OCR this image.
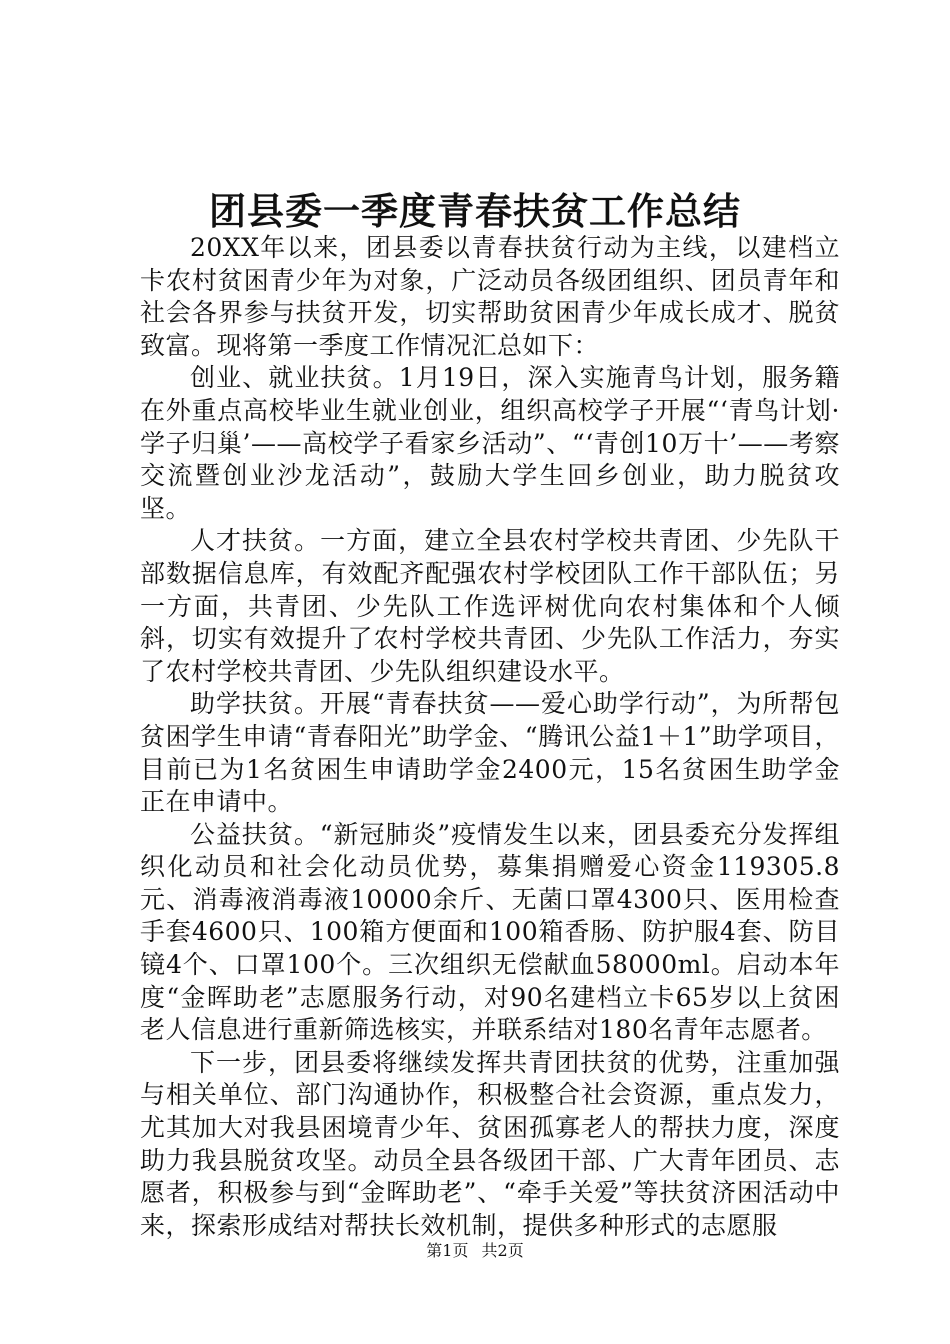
团县委一季度青春扶贫工作总结

20XX年以来，团县委以青春扶贫行动为主线，以建档立卡农村贫困青少年为对象，广泛动员各级团组织、团员青年和社会各界参与扶贫开发，切实帮助贫困青少年成长成才、脱贫致富。现将第一季度工作情况汇总如下：

创业、就业扶贫。1月19日，深入实施青鸟计划，服务籍在外重点高校毕业生就业创业，组织高校学子开展“‘青鸟计划·学子归巢’——高校学子看家乡活动”、“‘青创10万十’——考察交流暨创业沙龙活动”，鼓励大学生回乡创业，助力脱贫攻坚。

人才扶贫。一方面，建立全县农村学校共青团、少先队干部数据信息库，有效配齐配强农村学校团队工作干部队伍；另一方面，共青团、少先队工作选评树优向农村集体和个人倾斜，切实有效提升了农村学校共青团、少先队工作活力，夯实了农村学校共青团、少先队组织建设水平。

助学扶贫。开展“青春扶贫——爱心助学行动”，为所帮包贫困学生申请“青春阳光”助学金、“腾讯公益1＋1”助学项目，目前已为1名贫困生申请助学金2400元，15名贫困生助学金正在申请中。

公益扶贫。“新冠肺炎”疫情发生以来，团县委充分发挥组织化动员和社会化动员优势，募集捐赠爱心资金119305.8元、消毒液消毒液10000余斤、无菌口罩4300只、医用检查手套4600只、100箱方便面和100箱香肠、防护服4套、防目镜4个、口罩100个。三次组织无偿献血58000ml。启动本年度“金晖助老”志愿服务行动，对90名建档立卡65岁以上贫困老人信息进行重新筛选核实，并联系结对180名青年志愿者。

下一步，团县委将继续发挥共青团扶贫的优势，注重加强与相关单位、部门沟通协作，积极整合社会资源，重点发力，尤其加大对我县困境青少年、贫困孤寡老人的帮扶力度，深度助力我县脱贫攻坚。动员全县各级团干部、广大青年团员、志愿者，积极参与到“金晖助老”、“牵手关爱”等扶贫济困活动中来，探索形成结对帮扶长效机制，提供多种形式的志愿服

第1页 共2页
